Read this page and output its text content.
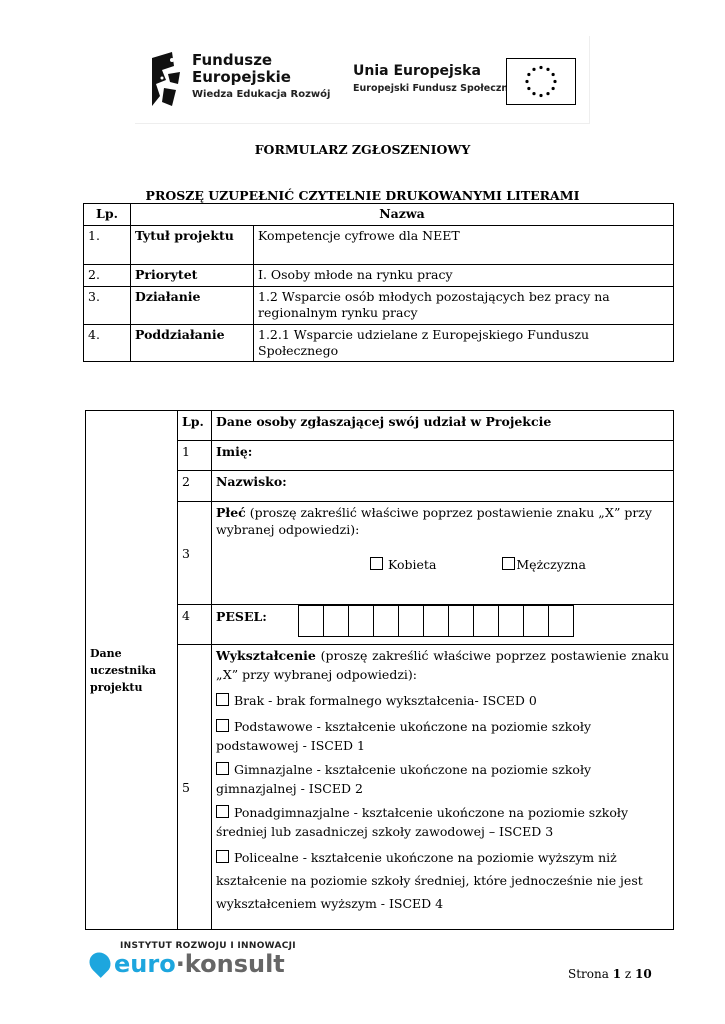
Fundusze
Europejskie
Wiedza Edukacja Rozwój
Unia Europejska
Europejski Fundusz Społeczny
FORMULARZ ZGŁOSZENIOWY
PROSZĘ UZUPEŁNIĆ CZYTELNIE DRUKOWANYMI LITERAMI
Lp.	Nazwa	
1.	Tytuł projektu	Kompetencje cyfrowe dla NEET
2.	Priorytet	I. Osoby młode na rynku pracy
3.	Działanie	1.2 Wsparcie osób młodych pozostających bez pracy na regionalnym rynku pracy
4.	Poddziałanie	1.2.1 Wsparcie udzielane z Europejskiego Funduszu Społecznego
Dane uczestnika projektu	Lp.	Dane osoby zgłaszającej swój udział w Projekcie
1	Imię:
2	Nazwisko:
3	Płeć (proszę zakreślić właściwe poprzez postawienie znaku „X” przy wybranej odpowiedzi):
Kobieta	Mężczyzna

4	PESEL:										
5	
Wykształcenie (proszę zakreślić właściwe poprzez postawienie znaku „X” przy wybranej odpowiedzi):
Brak - brak formalnego wykształcenia- ISCED 0
Podstawowe - kształcenie ukończone na poziomie szkoły podstawowej - ISCED 1
Gimnazjalne - kształcenie ukończone na poziomie szkoły gimnazjalnej - ISCED 2
Ponadgimnazjalne - kształcenie ukończone na poziomie szkoły średniej lub zasadniczej szkoły zawodowej – ISCED 3
Policealne - kształcenie ukończone na poziomie wyższym niż kształcenie na poziomie szkoły średniej, które jednocześnie nie jest wykształceniem wyższym - ISCED 4
INSTYTUT ROZWOJU I INNOWACJI
euro·konsult	Strona 1 z 10
